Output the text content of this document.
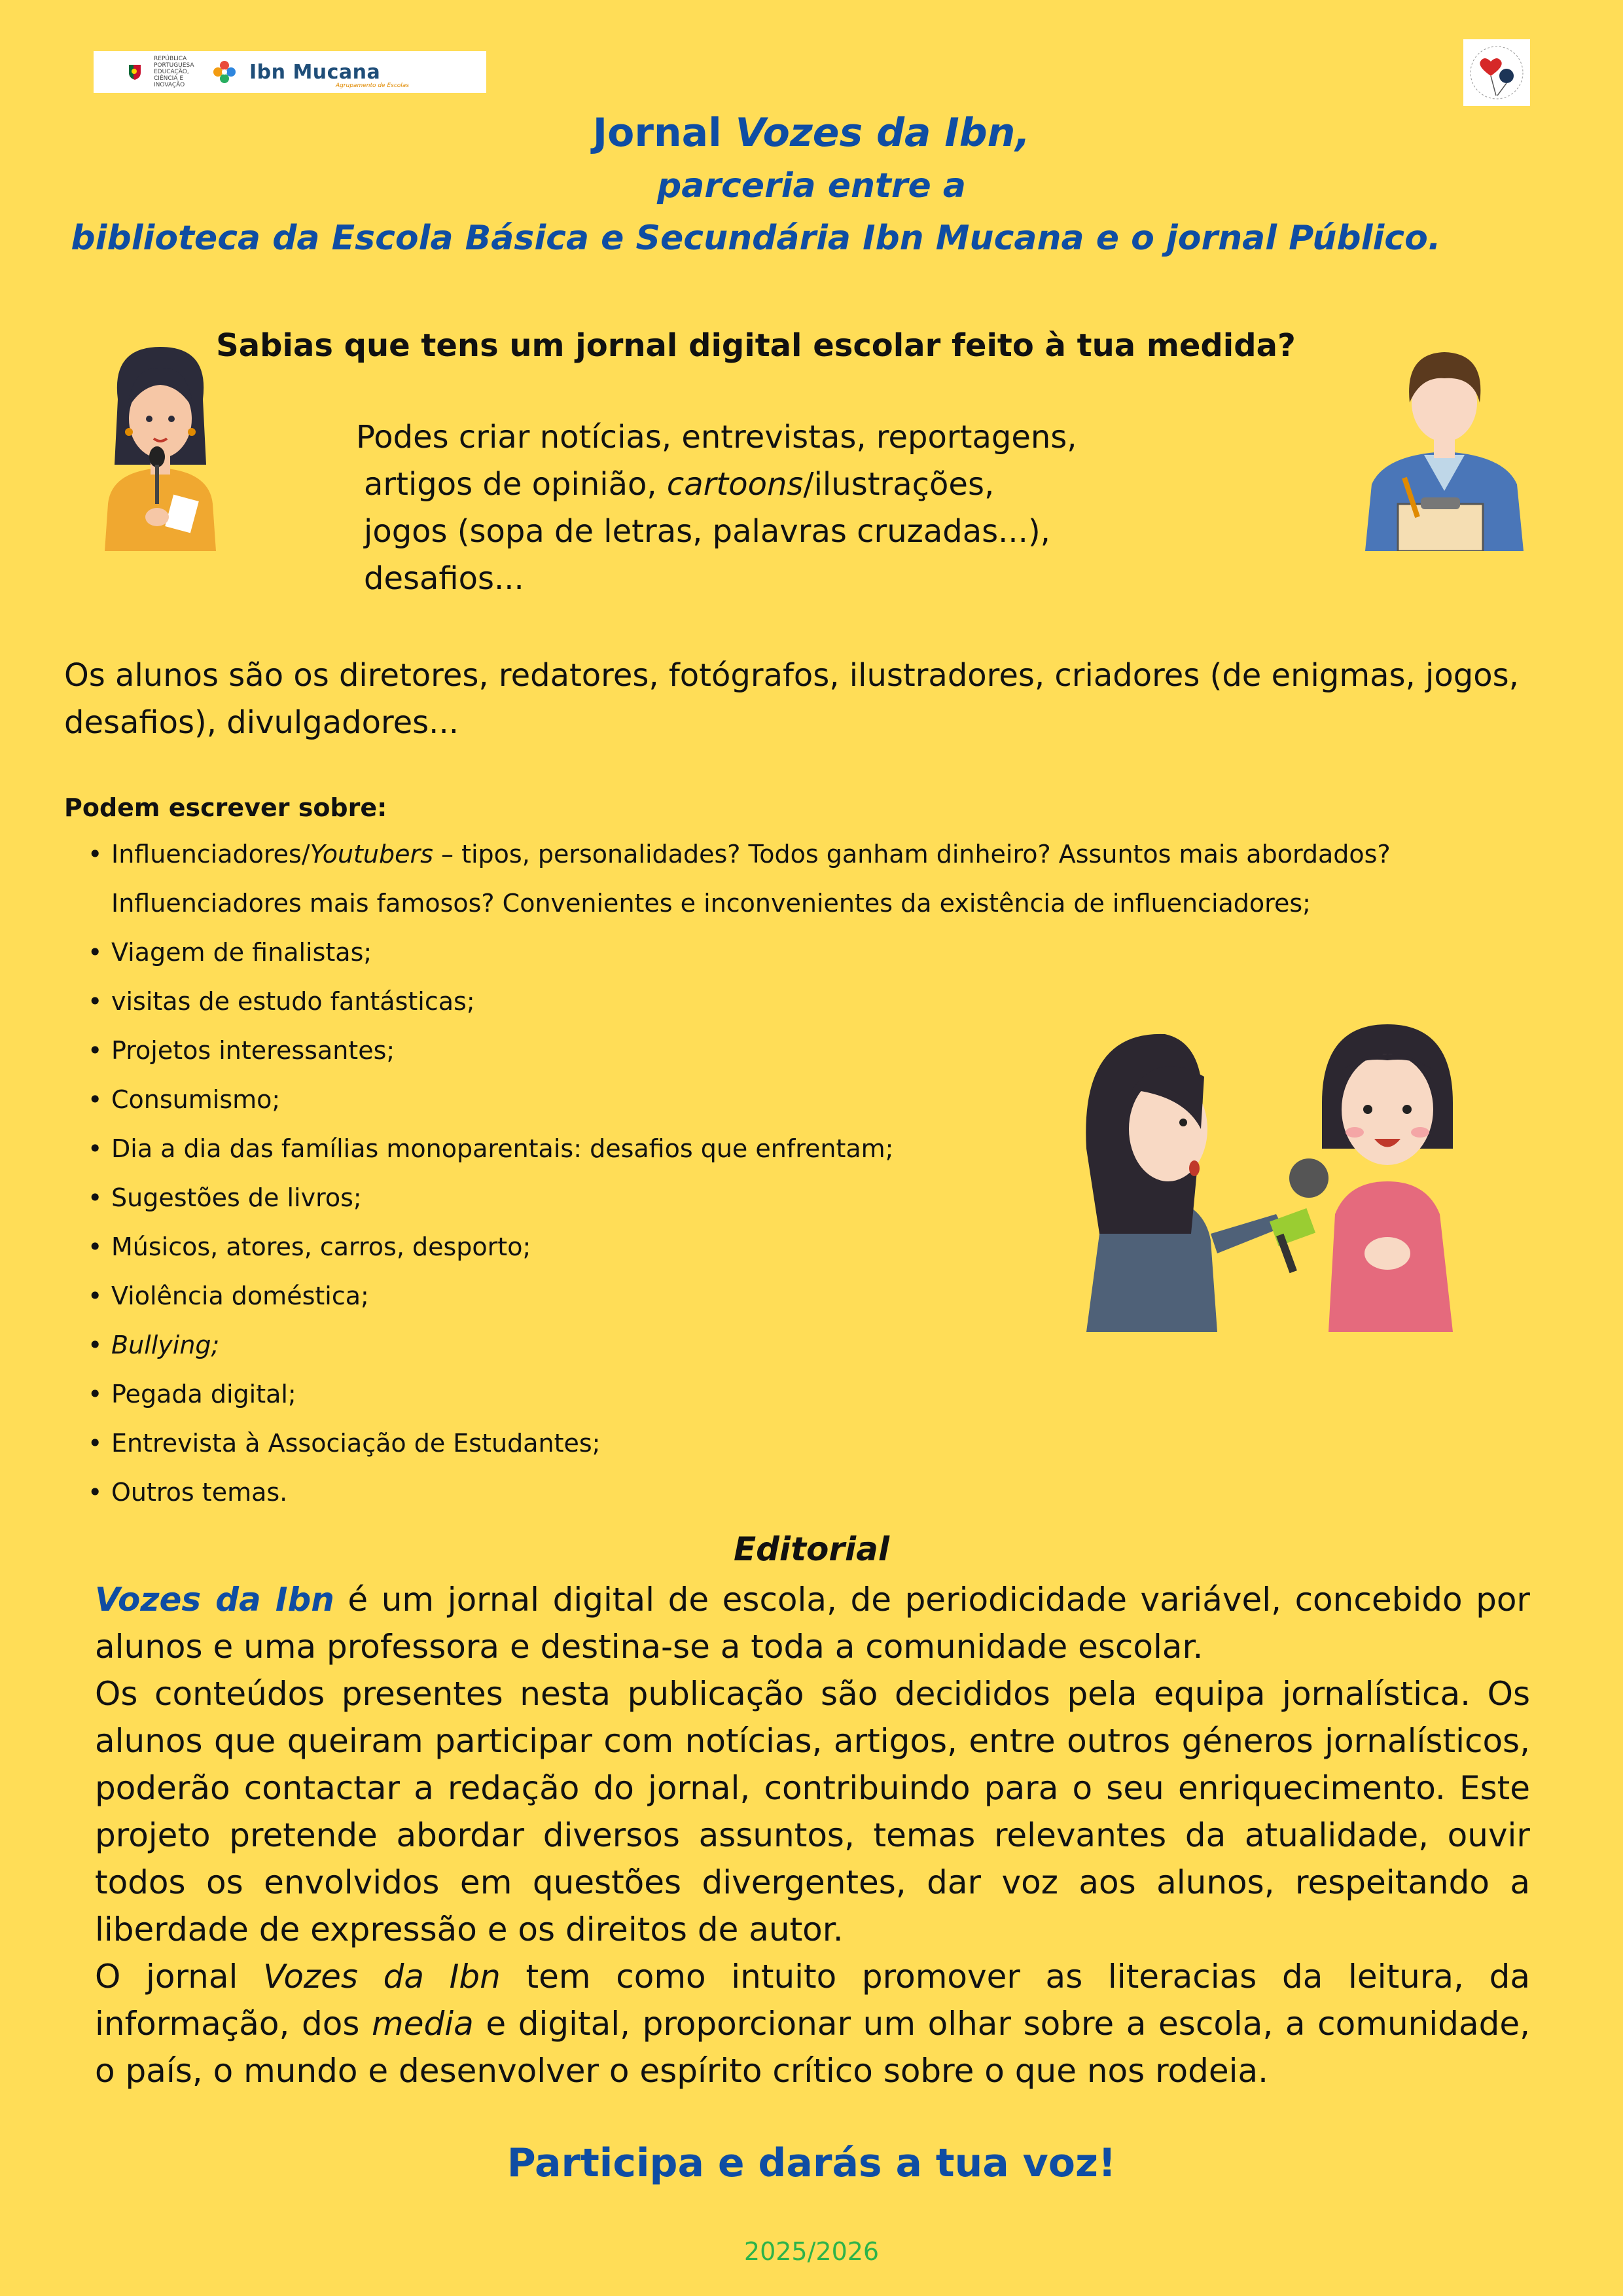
REPÚBLICA PORTUGUESA EDUCAÇÃO, CIÊNCIA E INOVAÇÃO
Ibn Mucana
Agrupamento de Escolas
Jornal Vozes da Ibn,
parceria entre a
biblioteca da Escola Básica e Secundária Ibn Mucana e o jornal Público.
Sabias que tens um jornal digital escolar feito à tua medida?
Podes criar notícias, entrevistas, reportagens,
artigos de opinião, cartoons/ilustrações,
jogos (sopa de letras, palavras cruzadas...),
desafios...
Os alunos são os diretores, redatores, fotógrafos, ilustradores, criadores (de enigmas, jogos, desafios), divulgadores...
Podem escrever sobre:
• Influenciadores/Youtubers – tipos, personalidades? Todos ganham dinheiro? Assuntos mais abordados? Influenciadores mais famosos? Convenientes e inconvenientes da existência de influenciadores;
• Viagem de finalistas;
• visitas de estudo fantásticas;
• Projetos interessantes;
• Consumismo;
• Dia a dia das famílias monoparentais: desafios que enfrentam;
• Sugestões de livros;
• Músicos, atores, carros, desporto;
• Violência doméstica;
• Bullying;
• Pegada digital;
• Entrevista à Associação de Estudantes;
• Outros temas.
Editorial

Vozes da Ibn é um jornal digital de escola, de periodicidade variável, concebido por alunos e uma professora e destina-se a toda a comunidade escolar.

Os conteúdos presentes nesta publicação são decididos pela equipa jornalística. Os alunos que queiram participar com notícias, artigos, entre outros géneros jornalísticos, poderão contactar a redação do jornal, contribuindo para o seu enriquecimento. Este projeto pretende abordar diversos assuntos, temas relevantes da atualidade, ouvir todos os envolvidos em questões divergentes, dar voz aos alunos, respeitando a liberdade de expressão e os direitos de autor.

O jornal Vozes da Ibn tem como intuito promover as literacias da leitura, da informação, dos media e digital, proporcionar um olhar sobre a escola, a comunidade, o país, o mundo e desenvolver o espírito crítico sobre o que nos rodeia.

Participa e darás a tua voz!
2025/2026
